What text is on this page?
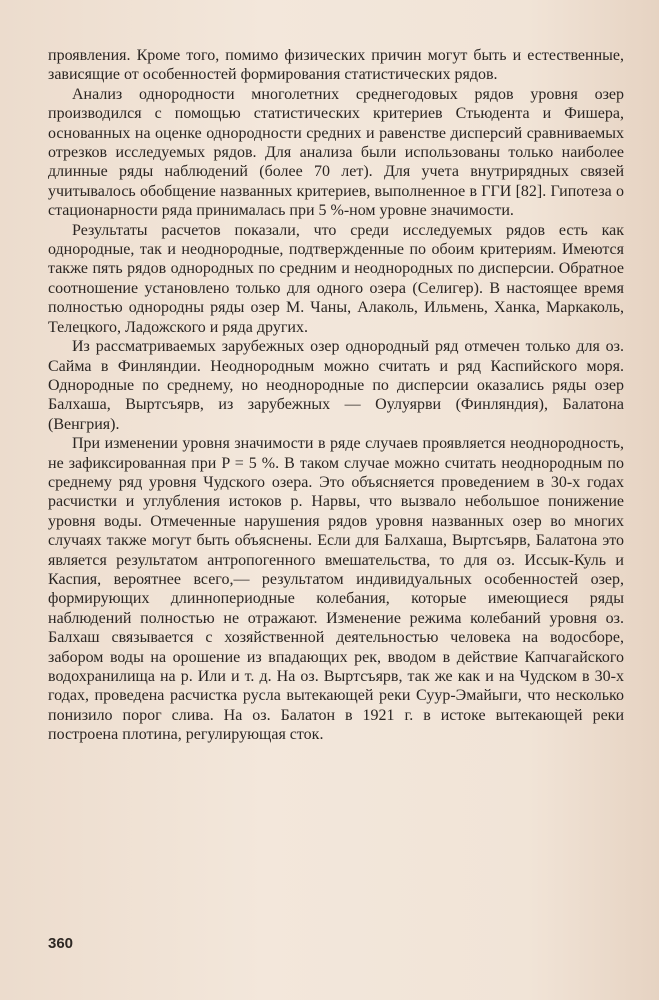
проявления. Кроме того, помимо физических причин могут быть и естественные, зависящие от особенностей формирования статистических рядов.

Анализ однородности многолетних среднегодовых рядов уровня озер производился с помощью статистических критериев Стьюдента и Фишера, основанных на оценке однородности средних и равенстве дисперсий сравниваемых отрезков исследуемых рядов. Для анализа были использованы только наиболее длинные ряды наблюдений (более 70 лет). Для учета внутрирядных связей учитывалось обобщение названных критериев, выполненное в ГГИ [82]. Гипотеза о стационарности ряда принималась при 5 %-ном уровне значимости.

Результаты расчетов показали, что среди исследуемых рядов есть как однородные, так и неоднородные, подтвержденные по обоим критериям. Имеются также пять рядов однородных по средним и неоднородных по дисперсии. Обратное соотношение установлено только для одного озера (Селигер). В настоящее время полностью однородны ряды озер М. Чаны, Алаколь, Ильмень, Ханка, Маркаколь, Телецкого, Ладожского и ряда других.

Из рассматриваемых зарубежных озер однородный ряд отмечен только для оз. Сайма в Финляндии. Неоднородным можно считать и ряд Каспийского моря. Однородные по среднему, но неоднородные по дисперсии оказались ряды озер Балхаша, Выртсъярв, из зарубежных — Оулуярви (Финляндия), Балатона (Венгрия).

При изменении уровня значимости в ряде случаев проявляется неоднородность, не зафиксированная при P = 5 %. В таком случае можно считать неоднородным по среднему ряд уровня Чудского озера. Это объясняется проведением в 30-х годах расчистки и углубления истоков р. Нарвы, что вызвало небольшое понижение уровня воды. Отмеченные нарушения рядов уровня названных озер во многих случаях также могут быть объяснены. Если для Балхаша, Выртсъярв, Балатона это является результатом антропогенного вмешательства, то для оз. Иссык-Куль и Каспия, вероятнее всего,— результатом индивидуальных особенностей озер, формирующих длиннопериодные колебания, которые имеющиеся ряды наблюдений полностью не отражают. Изменение режима колебаний уровня оз. Балхаш связывается с хозяйственной деятельностью человека на водосборе, забором воды на орошение из впадающих рек, вводом в действие Капчагайского водохранилища на р. Или и т. д. На оз. Выртсъярв, так же как и на Чудском в 30-х годах, проведена расчистка русла вытекающей реки Суур-Эмайыги, что несколько понизило порог слива. На оз. Балатон в 1921 г. в истоке вытекающей реки построена плотина, регулирующая сток.

360
